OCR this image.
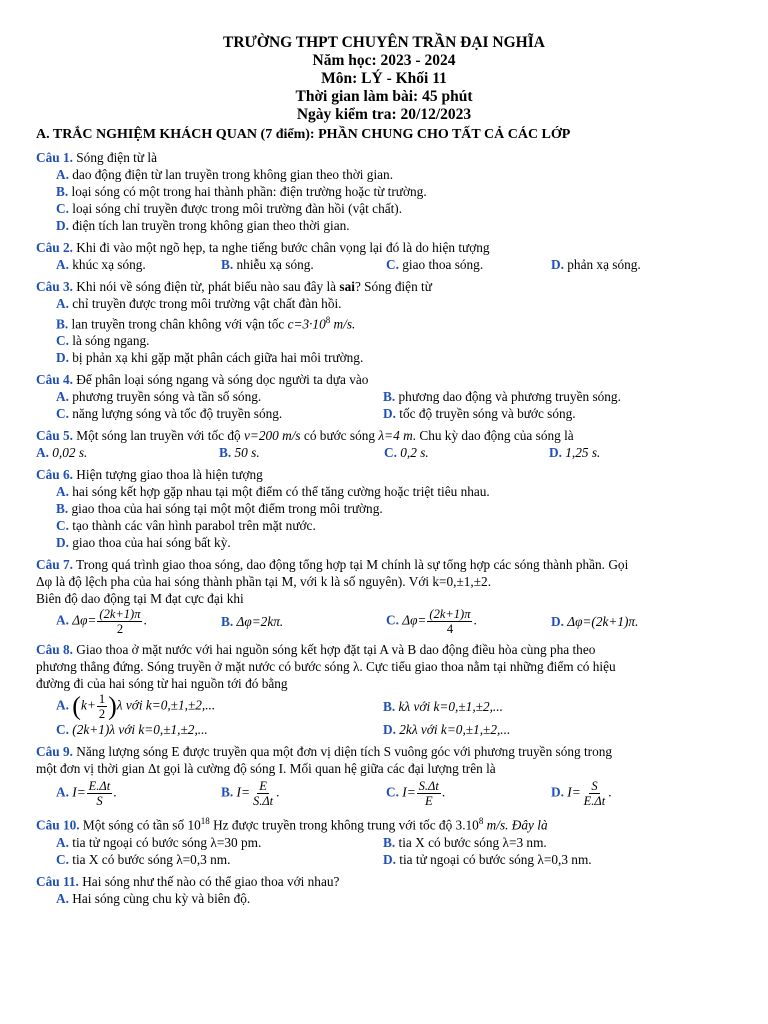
TRƯỜNG THPT CHUYÊN TRẦN ĐẠI NGHĨA
Năm học: 2023 - 2024
Môn: LÝ - Khối 11
Thời gian làm bài: 45 phút
Ngày kiểm tra: 20/12/2023
A. TRẮC NGHIỆM KHÁCH QUAN (7 điểm): PHẦN CHUNG CHO TẤT CẢ CÁC LỚP
Câu 1. Sóng điện từ là
A. dao động điện từ lan truyền trong không gian theo thời gian.
B. loại sóng có một trong hai thành phần: điện trường hoặc từ trường.
C. loại sóng chỉ truyền được trong môi trường đàn hồi (vật chất).
D. điện tích lan truyền trong không gian theo thời gian.
Câu 2. Khi đi vào một ngõ hẹp, ta nghe tiếng bước chân vọng lại đó là do hiện tượng
A. khúc xạ sóng.	B. nhiễu xạ sóng.	C. giao thoa sóng.	D. phản xạ sóng.
Câu 3. Khi nói về sóng điện từ, phát biểu nào sau đây là sai? Sóng điện từ
A. chỉ truyền được trong môi trường vật chất đàn hồi.
B. lan truyền trong chân không với vận tốc $c=3\cdot 10^8$ m/s.
C. là sóng ngang.
D. bị phản xạ khi gặp mặt phân cách giữa hai môi trường.
Câu 4. Để phân loại sóng ngang và sóng dọc người ta dựa vào
A. phương truyền sóng và tần số sóng.	B. phương dao động và phương truyền sóng.
C. năng lượng sóng và tốc độ truyền sóng.	D. tốc độ truyền sóng và bước sóng.
Câu 5. Một sóng lan truyền với tốc độ v=200 m/s có bước sóng λ=4 m. Chu kỳ dao động của sóng là
A. 0,02 s.	B. 50 s.	C. 0,2 s.	D. 1,25 s.
Câu 6. Hiện tượng giao thoa là hiện tượng
A. hai sóng kết hợp gặp nhau tại một điểm có thể tăng cường hoặc triệt tiêu nhau.
B. giao thoa của hai sóng tại một một điểm trong môi trường.
C. tạo thành các vân hình parabol trên mặt nước.
D. giao thoa của hai sóng bất kỳ.
Câu 7. Trong quá trình giao thoa sóng, dao động tổng hợp tại M chính là sự tổng hợp các sóng thành phần. Gọi
Δφ là độ lệch pha của hai sóng thành phần tại M, với k là số nguyên). Với k=0,±1,±2.
Biên độ dao động tại M đạt cực đại khi
A. $\Delta\varphi= \frac{(2k+1)\pi}{2}$ .	B. Δφ=2kπ.	C. $\Delta\varphi= \frac{(2k+1)\pi}{4}$ .	D. Δφ=(2k+1)π.
Câu 8. Giao thoa ở mặt nước với hai nguồn sóng kết hợp đặt tại A và B dao động điều hòa cùng pha theo
phương thẳng đứng. Sóng truyền ở mặt nước có bước sóng λ. Cực tiểu giao thoa nằm tại những điểm có hiệu
đường đi của hai sóng từ hai nguồn tới đó bằng
A. $(k+ \frac{1}{2} )\lambda$ với k=0,±1,±2,...	B. kλ với k=0,±1,±2,...
C. (2k+1)λ với k=0,±1,±2,...	D. 2kλ với k=0,±1,±2,...
Câu 9. Năng lượng sóng E được truyền qua một đơn vị diện tích S vuông góc với phương truyền sóng trong
một đơn vị thời gian Δt gọi là cường độ sóng I. Mối quan hệ giữa các đại lượng trên là
A. $I= \frac{E.\Delta t}{S}$ .	B. $I= \frac{E}{S.\Delta t}$ .	C. $I= \frac{S.\Delta t}{E}$ .	D. $I= \frac{S}{E.\Delta t}$ .
Câu 10. Một sóng có tần số $10^{18}$ Hz được truyền trong không trung với tốc độ 3.10$^8$ m/s. Đây là
A. tia tử ngoại có bước sóng λ=30 pm.	B. tia X có bước sóng λ=3 nm.
C. tia X có bước sóng λ=0,3 nm.	D. tia tử ngoại có bước sóng λ=0,3 nm.
Câu 11. Hai sóng như thế nào có thể giao thoa với nhau?
A. Hai sóng cùng chu kỳ và biên độ.
